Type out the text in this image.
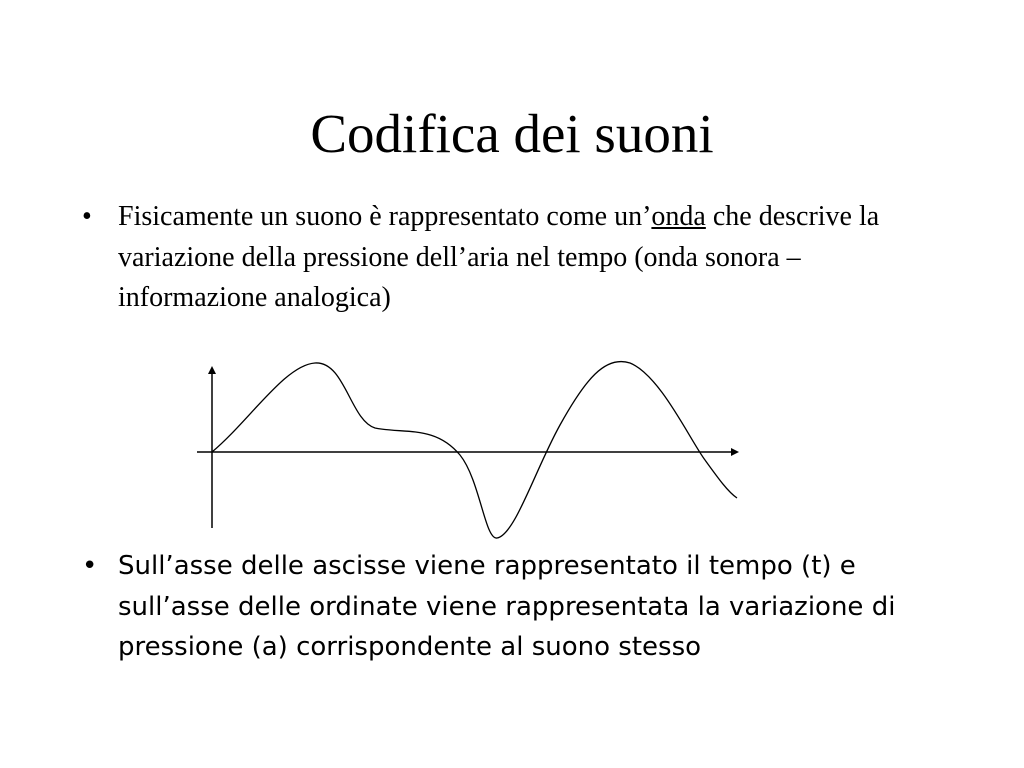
Codifica dei suoni
• Fisicamente un suono è rappresentato come un’onda che descrive la variazione della pressione dell’aria nel tempo (onda sonora – informazione analogica)
• Sull’asse delle ascisse viene rappresentato il tempo (t) e sull’asse delle ordinate viene rappresentata la variazione di pressione (a) corrispondente al suono stesso
